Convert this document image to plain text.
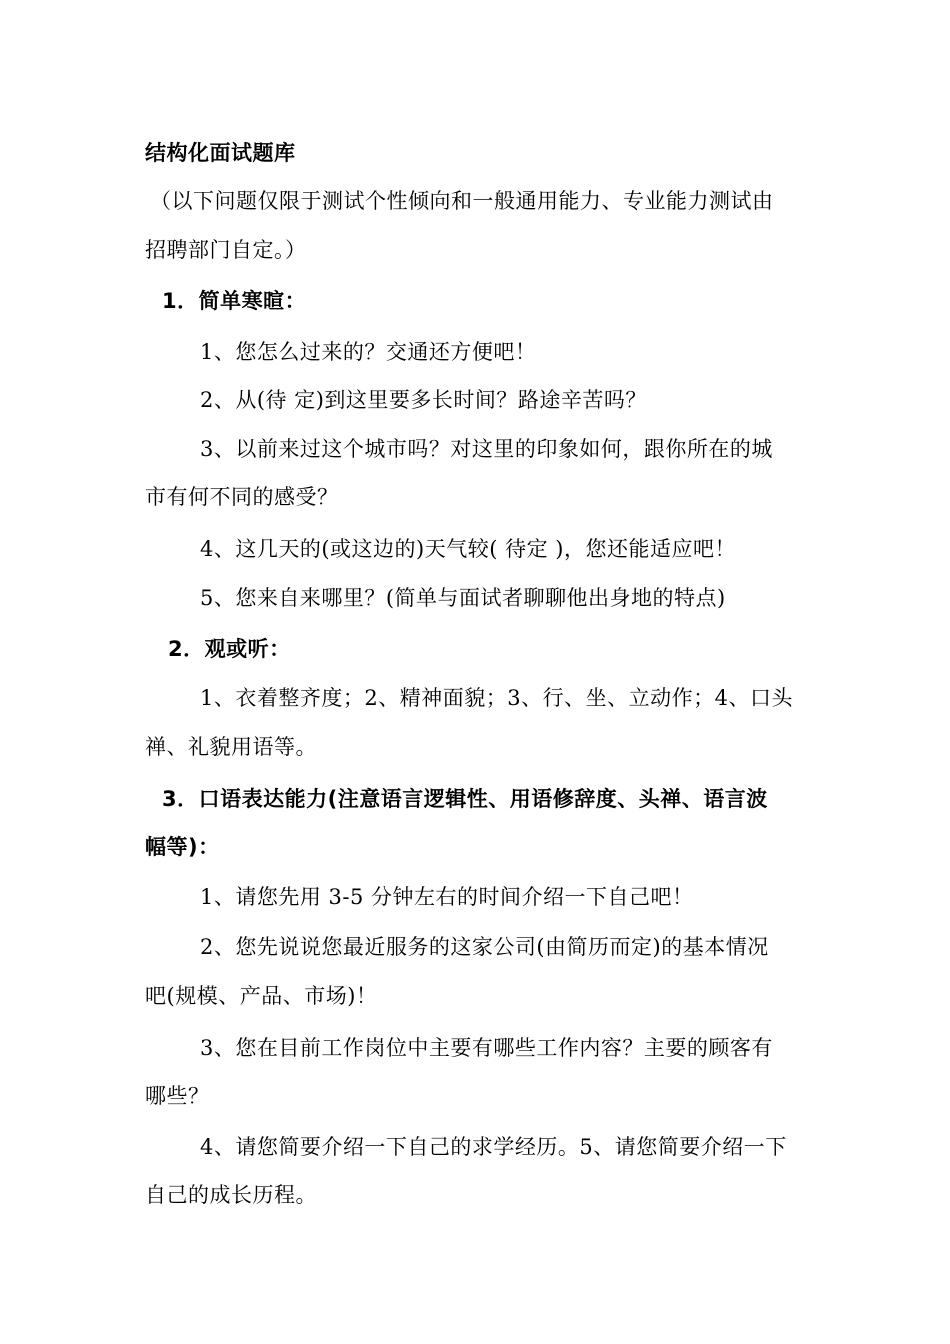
结构化面试题库
（以下问题仅限于测试个性倾向和一般通用能力、专业能力测试由
招聘部门自定。）
1．简单寒暄：
1、您怎么过来的？交通还方便吧！
2、从(待 定)到这里要多长时间？路途辛苦吗？
3、以前来过这个城市吗？对这里的印象如何，跟你所在的城
市有何不同的感受？
4、这几天的(或这边的)天气较( 待定 )，您还能适应吧！
5、您来自来哪里？(简单与面试者聊聊他出身地的特点)
2．观或听：
1、衣着整齐度；2、精神面貌；3、行、坐、立动作；4、口头
禅、礼貌用语等。
3．口语表达能力(注意语言逻辑性、用语修辞度、头禅、语言波
幅等)：
1、请您先用 3-5 分钟左右的时间介绍一下自己吧！
2、您先说说您最近服务的这家公司(由简历而定)的基本情况
吧(规模、产品、市场)！
3、您在目前工作岗位中主要有哪些工作内容？主要的顾客有
哪些？
4、请您简要介绍一下自己的求学经历。5、请您简要介绍一下
自己的成长历程。
